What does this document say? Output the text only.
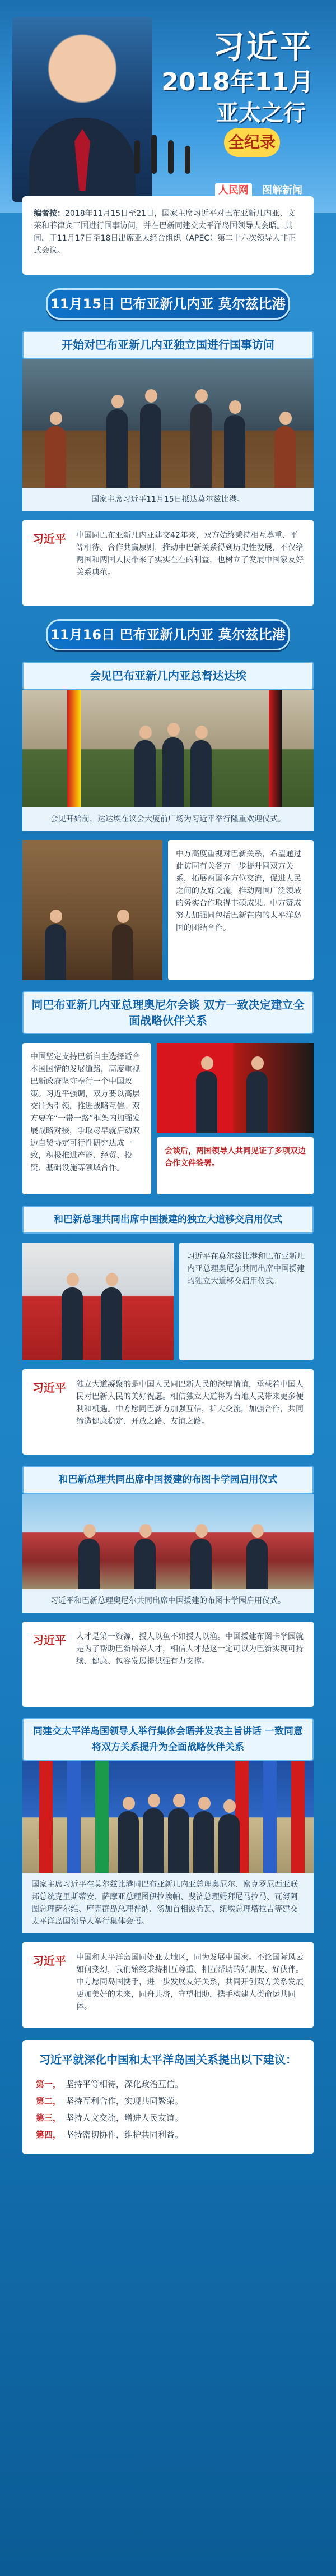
习近平
2018年11月
亚太之行
全纪录
人民网 图解新闻
编者按：2018年11月15日至21日，国家主席习近平对巴布亚新几内亚、文莱和菲律宾三国进行国事访问，并在巴新同建交太平洋岛国领导人会晤。其间，于11月17日至18日出席亚太经合组织（APEC）第二十六次领导人非正式会议。
11月15日 巴布亚新几内亚 莫尔兹比港
开始对巴布亚新几内亚独立国进行国事访问
国家主席习近平11月15日抵达莫尔兹比港。
习近平 中国同巴布亚新几内亚建交42年来，双方始终秉持相互尊重、平等相待、合作共赢原则，推动中巴新关系得到历史性发展，不仅给两国和两国人民带来了实实在在的利益，也树立了发展中国家友好关系典范。
11月16日 巴布亚新几内亚 莫尔兹比港
会见巴布亚新几内亚总督达达埃
会见开始前，达达埃在议会大厦前广场为习近平举行隆重欢迎仪式。
中方高度重视对巴新关系，希望通过此访同有关各方一步提升同双方关系，拓展两国多方位交流，促进人民之间的友好交流，推动两国广泛领域的务实合作取得丰硕成果。中方赞成努力加强同包括巴新在内的太平洋岛国的团结合作。
同巴布亚新几内亚总理奥尼尔会谈 双方一致决定建立全面战略伙伴关系
中国坚定支持巴新自主选择适合本国国情的发展道路，高度重视巴新政府坚守奉行一个中国政策。习近平强调，双方要以高层交往为引领，推进战略互信。双方要在“一带一路”框架内加强发展战略对接，争取尽早就启动双边自贸协定可行性研究达成一致，积极推进产能、经贸、投资、基础设施等领域合作。
会谈后，两国领导人共同见证了多项双边合作文件签署。
和巴新总理共同出席中国援建的独立大道移交启用仪式
习近平在莫尔兹比港和巴布亚新几内亚总理奥尼尔共同出席中国援建的独立大道移交启用仪式。
习近平 独立大道凝聚的是中国人民同巴新人民的深厚情谊，承载着中国人民对巴新人民的美好祝愿。相信独立大道将为当地人民带来更多便利和机遇。中方愿同巴新方加强互信，扩大交流，加强合作，共同缔造健康稳定、开放之路、友谊之路。
和巴新总理共同出席中国援建的布图卡学园启用仪式
习近平和巴新总理奥尼尔共同出席中国援建的布图卡学园启用仪式。
习近平 人才是第一资源，授人以鱼不如授人以渔。中国援建布图卡学园就是为了帮助巴新培养人才，相信人才是这一定可以为巴新实现可持续、健康、包容发展提供强有力支撑。
同建交太平洋岛国领导人举行集体会晤并发表主旨讲话 一致同意将双方关系提升为全面战略伙伴关系
国家主席习近平在莫尔兹比港同巴布亚新几内亚总理奥尼尔、密克罗尼西亚联邦总统克里斯蒂安、萨摩亚总理图伊拉埃帕、斐济总理姆拜尼马拉马、瓦努阿图总理萨尔维、库克群岛总理普纳、汤加首相波希瓦、纽埃总理塔拉吉等建交太平洋岛国领导人举行集体会晤。
习近平 中国和太平洋岛国同处亚太地区，同为发展中国家。不论国际风云如何变幻，我们始终秉持相互尊重、相互帮助的好朋友、好伙伴。中方愿同岛国携手，进一步发展友好关系，共同开创双方关系发展更加美好的未来，同舟共济，守望相助，携手构建人类命运共同体。
习近平就深化中国和太平洋岛国关系提出以下建议：
第一， 坚持平等相待，深化政治互信。
第二， 坚持互利合作，实现共同繁荣。
第三， 坚持人文交流，增进人民友谊。
第四， 坚持密切协作，维护共同利益。
